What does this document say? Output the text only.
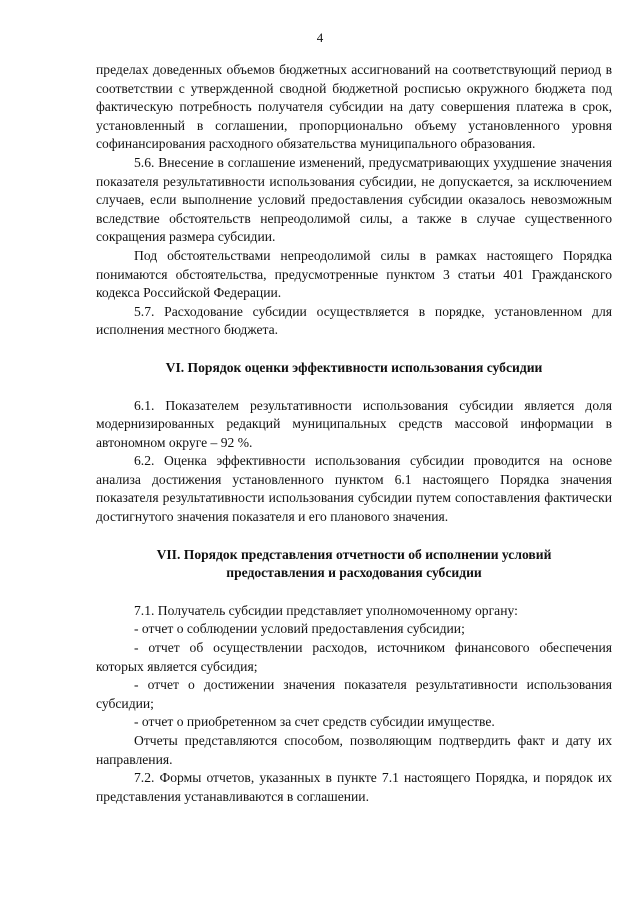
4

пределах доведенных объемов бюджетных ассигнований на соответствующий период в соответствии с утвержденной сводной бюджетной росписью окружного бюджета под фактическую потребность получателя субсидии на дату совершения платежа в срок, установленный в соглашении, пропорционально объему установленного уровня софинансирования расходного обязательства муниципального образования.

5.6. Внесение в соглашение изменений, предусматривающих ухудшение значения показателя результативности использования субсидии, не допускается, за исключением случаев, если выполнение условий предоставления субсидии оказалось невозможным вследствие обстоятельств непреодолимой силы, а также в случае существенного сокращения размера субсидии.

Под обстоятельствами непреодолимой силы в рамках настоящего Порядка понимаются обстоятельства, предусмотренные пунктом 3 статьи 401 Гражданского кодекса Российской Федерации.

5.7. Расходование субсидии осуществляется в порядке, установленном для исполнения местного бюджета.

VI. Порядок оценки эффективности использования субсидии

6.1. Показателем результативности использования субсидии является доля модернизированных редакций муниципальных средств массовой информации в автономном округе – 92 %.

6.2. Оценка эффективности использования субсидии проводится на основе анализа достижения установленного пунктом 6.1 настоящего Порядка значения показателя результативности использования субсидии путем сопоставления фактически достигнутого значения показателя и его планового значения.

VII. Порядок представления отчетности об исполнении условий

предоставления и расходования субсидии

7.1. Получатель субсидии представляет уполномоченному органу:

- отчет о соблюдении условий предоставления субсидии;

- отчет об осуществлении расходов, источником финансового обеспечения которых является субсидия;

- отчет о достижении значения показателя результативности использования субсидии;

- отчет о приобретенном за счет средств субсидии имуществе.

Отчеты представляются способом, позволяющим подтвердить факт и дату их направления.

7.2. Формы отчетов, указанных в пункте 7.1 настоящего Порядка, и порядок их представления устанавливаются в соглашении.
